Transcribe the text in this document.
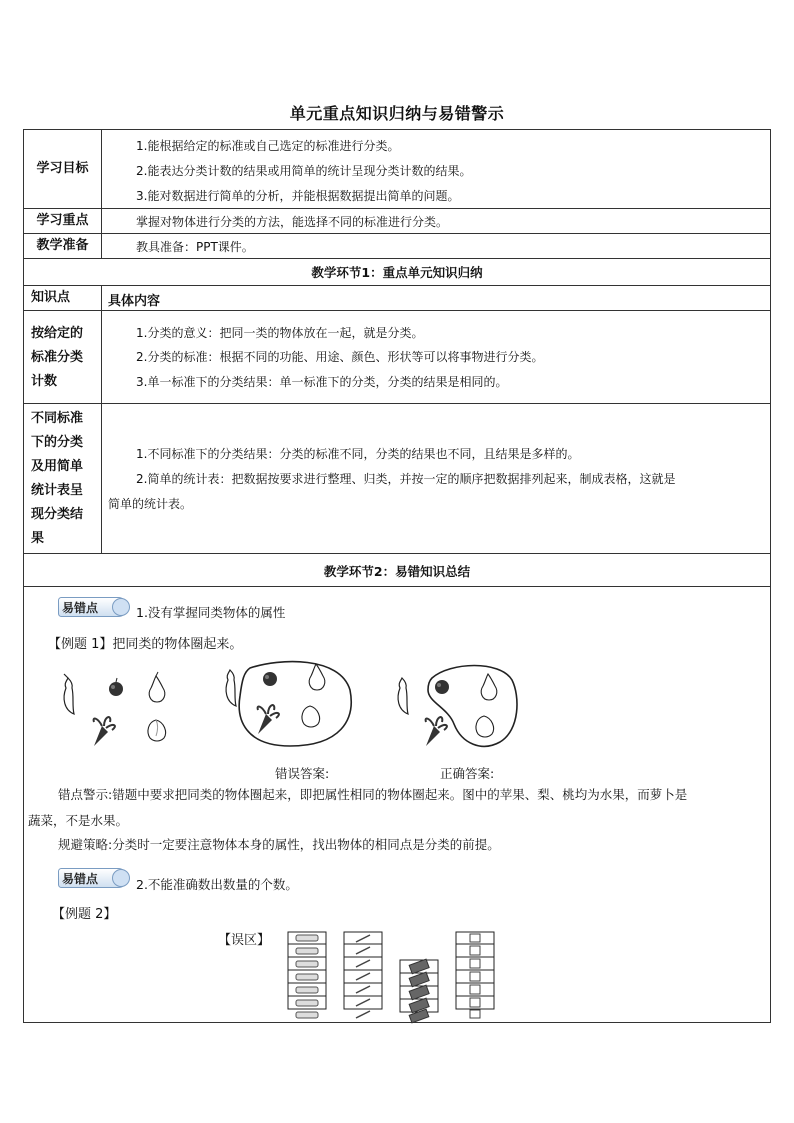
单元重点知识归纳与易错警示
学习目标
1.能根据给定的标准或自己选定的标准进行分类。
2.能表达分类计数的结果或用简单的统计呈现分类计数的结果。
3.能对数据进行简单的分析，并能根据数据提出简单的问题。
学习重点	掌握对物体进行分类的方法，能选择不同的标准进行分类。
教学准备	教具准备：PPT课件。
教学环节1：重点单元知识归纳
知识点	具体内容
按给定的
标准分类
计数
1.分类的意义：把同一类的物体放在一起，就是分类。
2.分类的标准：根据不同的功能、用途、颜色、形状等可以将事物进行分类。
3.单一标准下的分类结果：单一标准下的分类，分类的结果是相同的。
不同标准
下的分类
及用简单
统计表呈
现分类结
果
1.不同标准下的分类结果：分类的标准不同，分类的结果也不同，且结果是多样的。
2.简单的统计表：把数据按要求进行整理、归类，并按一定的顺序把数据排列起来，制成表格，这就是
简单的统计表。
教学环节2：易错知识总结
易错点	1.没有掌握同类物体的属性
【例题 1】把同类的物体圈起来。
错误答案:	正确答案:
错点警示:错题中要求把同类的物体圈起来，即把属性相同的物体圈起来。图中的苹果、梨、桃均为水果，而萝卜是
蔬菜，不是水果。
规避策略:分类时一定要注意物体本身的属性，找出物体的相同点是分类的前提。
易错点	2.不能准确数出数量的个数。
【例题 2】
【误区】
